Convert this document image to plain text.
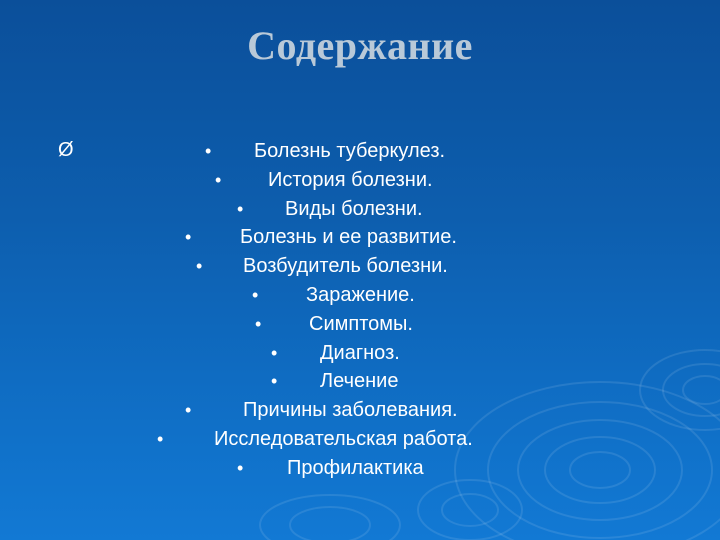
Содержание
Ø	• Болезнь туберкулез.
• История болезни.
• Виды болезни.
• Болезнь и ее развитие.
• Возбудитель болезни.
• Заражение.
• Симптомы.
• Диагноз.
• Лечение
•	Причины заболевания.
•	Исследовательская работа.
• Профилактика
